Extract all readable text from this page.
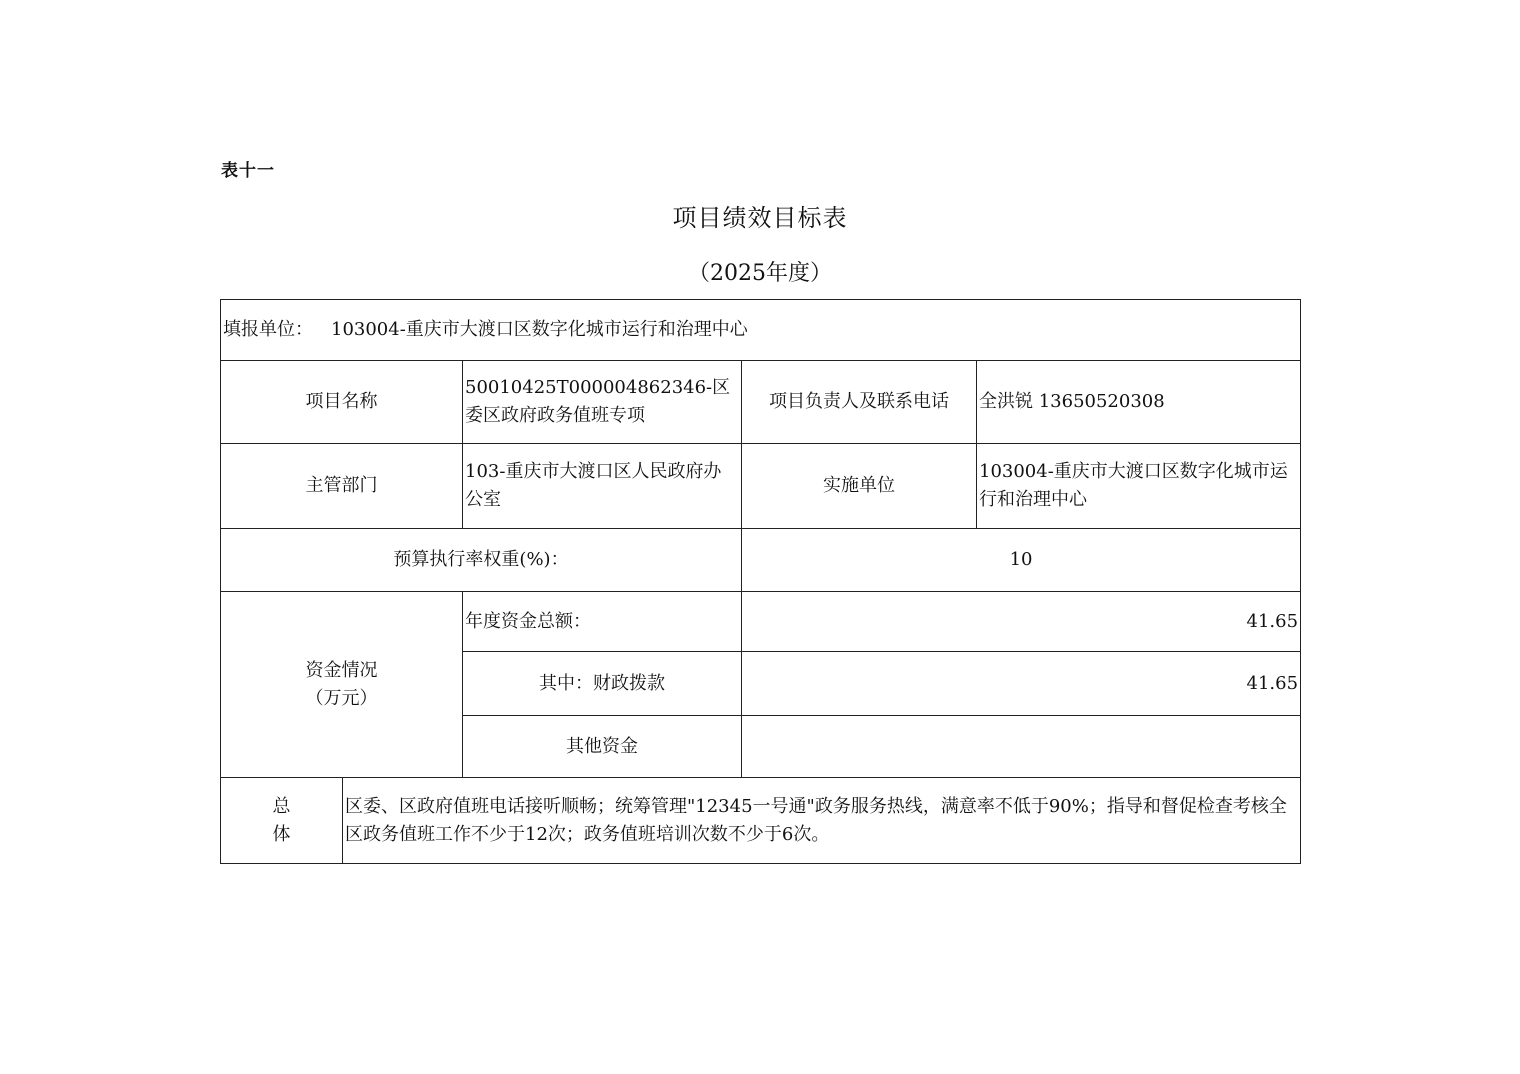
表十一
项目绩效目标表
（2025年度）
填报单位： 103004-重庆市大渡口区数字化城市运行和治理中心				
项目名称		50010425T000004862346-区委区政府政务值班专项	项目负责人及联系电话	全洪锐 13650520308
主管部门		103-重庆市大渡口区人民政府办公室	实施单位	103004-重庆市大渡口区数字化城市运行和治理中心
预算执行率权重(%)：			10	

资金情况
（万元）		年度资金总额：	41.65	
		其中：财政拨款	41.65	
		其他资金		

总
体	区委、区政府值班电话接听顺畅；统筹管理"12345一号通"政务服务热线，满意率不低于90%；指导和督促检查考核全区政务值班工作不少于12次；政务值班培训次数不少于6次。			
